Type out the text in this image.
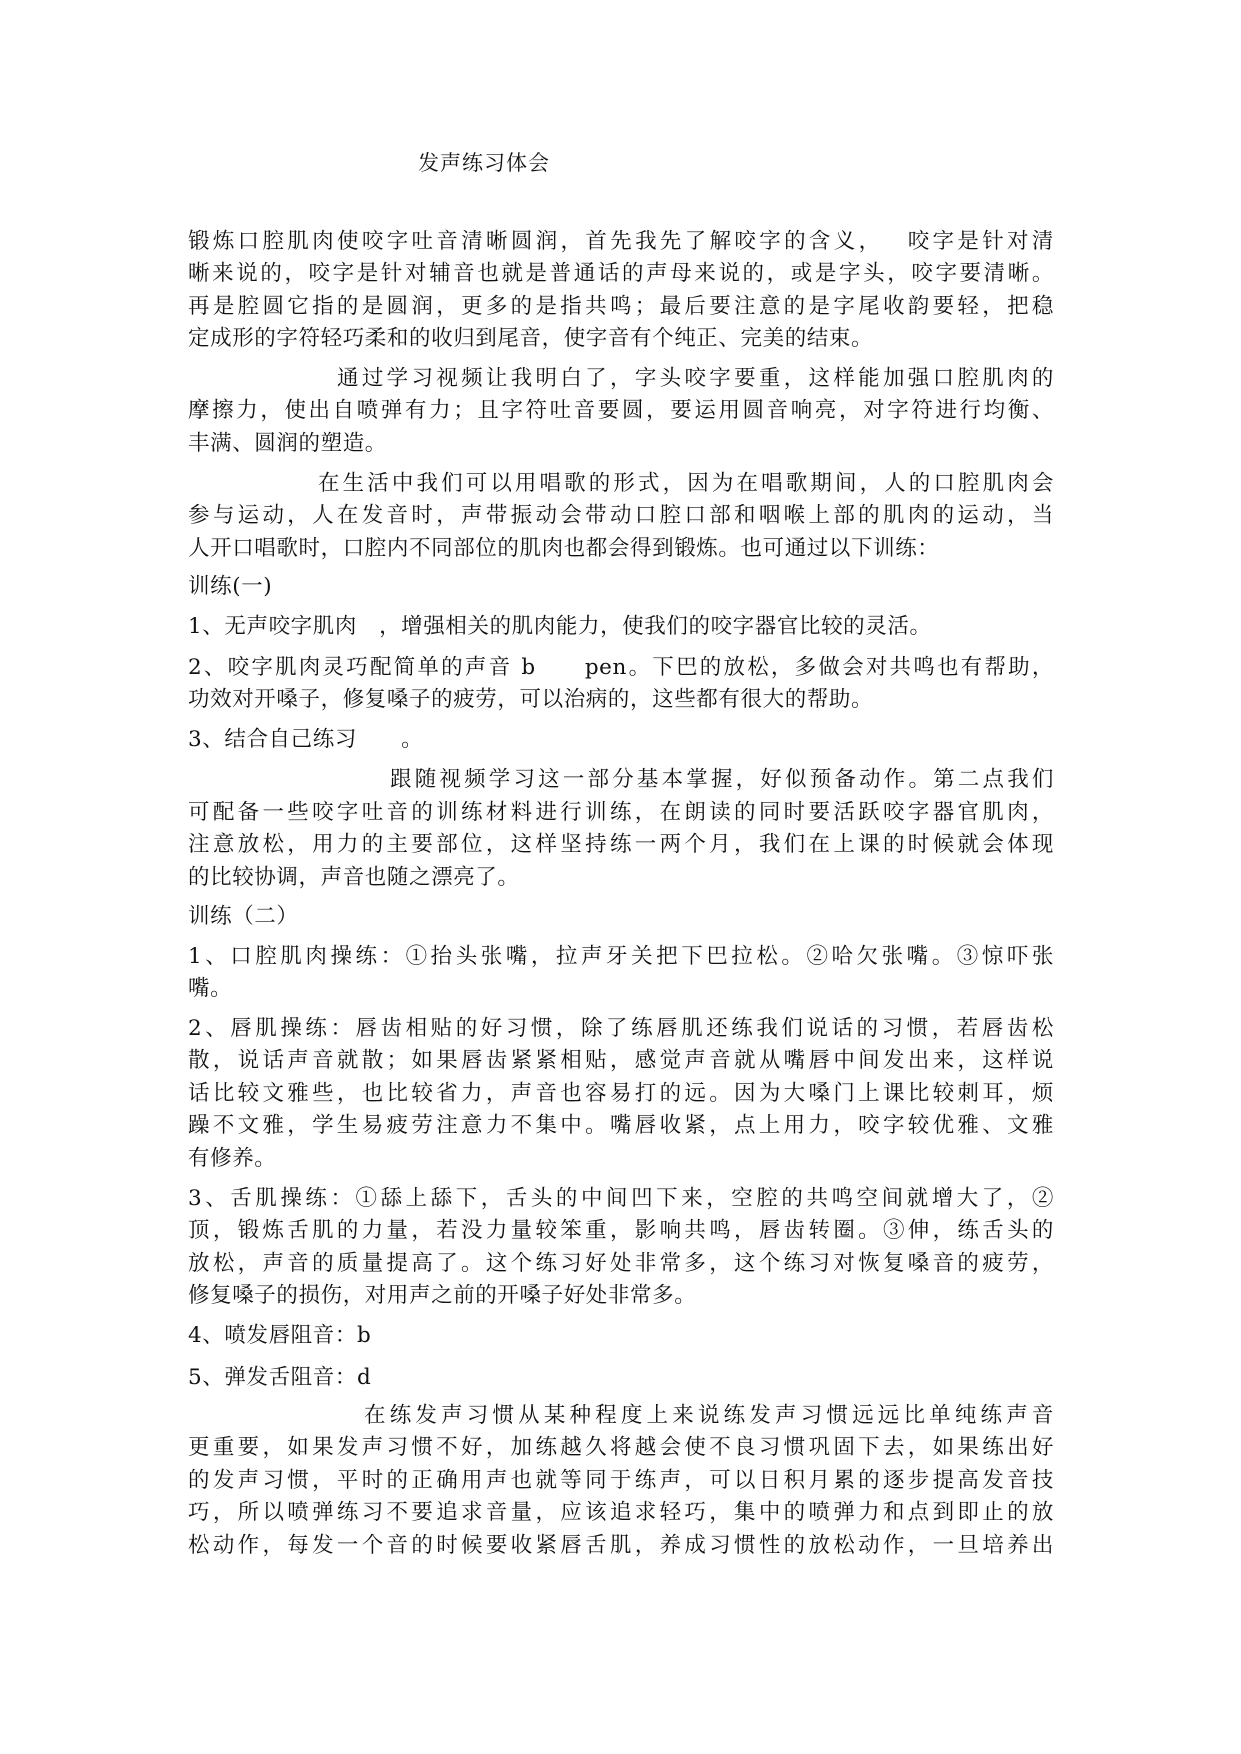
发声练习体会
锻炼口腔肌肉使咬字吐音清晰圆润，首先我先了解咬字的含义，　 咬字是针对清
晰来说的，咬字是针对辅音也就是普通话的声母来说的，或是字头，咬字要清晰。
再是腔圆它指的是圆润，更多的是指共鸣；最后要注意的是字尾收韵要轻，把稳
定成形的字符轻巧柔和的收归到尾音，使字音有个纯正、完美的结束。
通过学习视频让我明白了，字头咬字要重，这样能加强口腔肌肉的
摩擦力，使出自喷弹有力；且字符吐音要圆，要运用圆音响亮，对字符进行均衡、
丰满、圆润的塑造。
在生活中我们可以用唱歌的形式，因为在唱歌期间，人的口腔肌肉会
参与运动，人在发音时，声带振动会带动口腔口部和咽喉上部的肌肉的运动，当
人开口唱歌时，口腔内不同部位的肌肉也都会得到锻炼。也可通过以下训练：
训练(一)
1、无声咬字肌肉　，增强相关的肌肉能力，使我们的咬字器官比较的灵活。
2、咬字肌肉灵巧配简单的声音 b　　pen。下巴的放松，多做会对共鸣也有帮助，
功效对开嗓子，修复嗓子的疲劳，可以治病的，这些都有很大的帮助。
3、结合自己练习　　。
跟随视频学习这一部分基本掌握，好似预备动作。第二点我们
可配备一些咬字吐音的训练材料进行训练，在朗读的同时要活跃咬字器官肌肉，
注意放松，用力的主要部位，这样坚持练一两个月，我们在上课的时候就会体现
的比较协调，声音也随之漂亮了。
训练（二）
1、口腔肌肉操练：①抬头张嘴，拉声牙关把下巴拉松。②哈欠张嘴。③惊吓张
嘴。
2、唇肌操练：唇齿相贴的好习惯，除了练唇肌还练我们说话的习惯，若唇齿松
散，说话声音就散；如果唇齿紧紧相贴，感觉声音就从嘴唇中间发出来，这样说
话比较文雅些，也比较省力，声音也容易打的远。因为大嗓门上课比较刺耳，烦
躁不文雅，学生易疲劳注意力不集中。嘴唇收紧，点上用力，咬字较优雅、文雅
有修养。
3、舌肌操练：①舔上舔下，舌头的中间凹下来，空腔的共鸣空间就增大了，②
顶，锻炼舌肌的力量，若没力量较笨重，影响共鸣，唇齿转圈。③伸，练舌头的
放松，声音的质量提高了。这个练习好处非常多，这个练习对恢复嗓音的疲劳，
修复嗓子的损伤，对用声之前的开嗓子好处非常多。
4、喷发唇阻音：b
5、弹发舌阻音：d
在练发声习惯从某种程度上来说练发声习惯远远比单纯练声音
更重要，如果发声习惯不好，加练越久将越会使不良习惯巩固下去，如果练出好
的发声习惯，平时的正确用声也就等同于练声，可以日积月累的逐步提高发音技
巧，所以喷弹练习不要追求音量，应该追求轻巧，集中的喷弹力和点到即止的放
松动作，每发一个音的时候要收紧唇舌肌，养成习惯性的放松动作，一旦培养出
